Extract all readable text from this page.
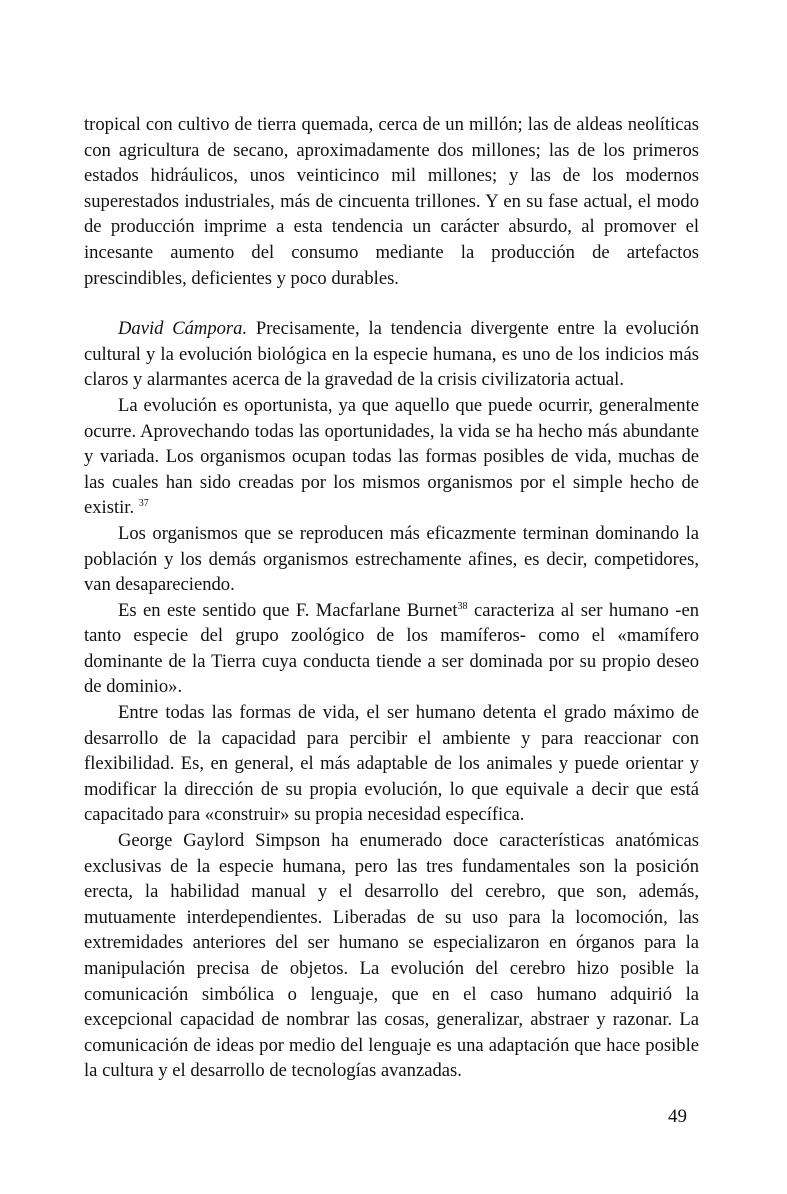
tropical con cultivo de tierra quemada, cerca de un millón; las de aldeas neolíticas con agricultura de secano, aproximadamente dos millones; las de los primeros estados hidráulicos, unos veinticinco mil millones; y las de los modernos superestados industriales, más de cincuenta trillones. Y en su fase actual, el modo de producción imprime a esta tendencia un carácter absurdo, al promover el incesante aumento del consumo mediante la producción de artefactos prescindibles, deficientes y poco durables.

David Cámpora. Precisamente, la tendencia divergente entre la evolución cultural y la evolución biológica en la especie humana, es uno de los indicios más claros y alarmantes acerca de la gravedad de la crisis civilizatoria actual.

La evolución es oportunista, ya que aquello que puede ocurrir, generalmente ocurre. Aprovechando todas las oportunidades, la vida se ha hecho más abundante y variada. Los organismos ocupan todas las formas posibles de vida, muchas de las cuales han sido creadas por los mismos organismos por el simple hecho de existir. $^{37}$

Los organismos que se reproducen más eficazmente terminan dominando la población y los demás organismos estrechamente afines, es decir, competidores, van desapareciendo.

Es en este sentido que F. Macfarlane Burnet$^{38}$ caracteriza al ser humano -en tanto especie del grupo zoológico de los mamíferos- como el «mamífero dominante de la Tierra cuya conducta tiende a ser dominada por su propio deseo de dominio».

Entre todas las formas de vida, el ser humano detenta el grado máximo de desarrollo de la capacidad para percibir el ambiente y para reaccionar con flexibilidad. Es, en general, el más adaptable de los animales y puede orientar y modificar la dirección de su propia evolución, lo que equivale a decir que está capacitado para «construir» su propia necesidad específica.

George Gaylord Simpson ha enumerado doce características anatómicas exclusivas de la especie humana, pero las tres fundamentales son la posición erecta, la habilidad manual y el desarrollo del cerebro, que son, además, mutuamente interdependientes. Liberadas de su uso para la locomoción, las extremidades anteriores del ser humano se especializaron en órganos para la manipulación precisa de objetos. La evolución del cerebro hizo posible la comunicación simbólica o lenguaje, que en el caso humano adquirió la excepcional capacidad de nombrar las cosas, generalizar, abstraer y razonar. La comunicación de ideas por medio del lenguaje es una adaptación que hace posible la cultura y el desarrollo de tecnologías avanzadas.

49
